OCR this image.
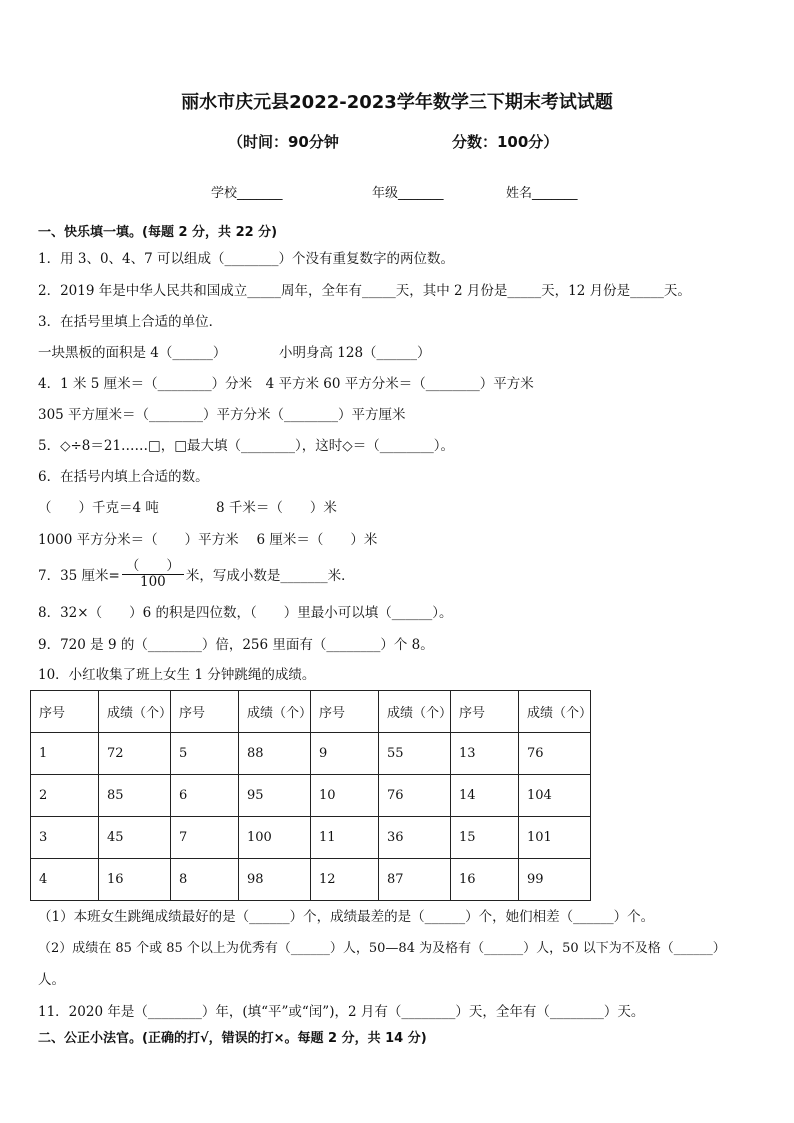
丽水市庆元县2022-2023学年数学三下期末考试试题
（时间：90分钟	分数：100分）
学校_______	年级_______	姓名_______
一、快乐填一填。(每题 2 分，共 22 分)
1．用 3、0、4、7 可以组成（________）个没有重复数字的两位数。
2．2019 年是中华人民共和国成立_____周年，全年有_____天，其中 2 月份是_____天，12 月份是_____天。
3．在括号里填上合适的单位．
一块黑板的面积是 4（______）	小明身高 128（______）
4．1 米 5 厘米＝（________）分米　4 平方米 60 平方分米＝（________）平方米
305 平方厘米＝（________）平方分米（________）平方厘米
5．◇÷8＝21……□，□最大填（________），这时◇＝（________）。
6．在括号内填上合适的数。
（　　）千克＝4 吨	8 千米＝（　　）米
1000 平方分米＝（　　）平方米　 6 厘米＝（　　）米
7．35 厘米= $\frac{( )}{100}$ 米，写成小数是_______米．
8．32×（　　）6 的积是四位数，（　　）里最小可以填（______）。
9．720 是 9 的（________）倍，256 里面有（________）个 8。
10．小红收集了班上女生 1 分钟跳绳的成绩。
序号	成绩（个）	序号	成绩（个）	序号	成绩（个）	序号	成绩（个）
1	72	5	88	9	55	13	76
2	85	6	95	10	76	14	104
3	45	7	100	11	36	15	101
4	16	8	98	12	87	16	99
（1）本班女生跳绳成绩最好的是（______）个，成绩最差的是（______）个，她们相差（______）个。
（2）成绩在 85 个或 85 个以上为优秀有（______）人，50—84 为及格有（______）人，50 以下为不及格（______）
人。
11．2020 年是（________）年，(填“平”或“闰”)，2 月有（________）天，全年有（________）天。
二、公正小法官。(正确的打√，错误的打×。每题 2 分，共 14 分)
